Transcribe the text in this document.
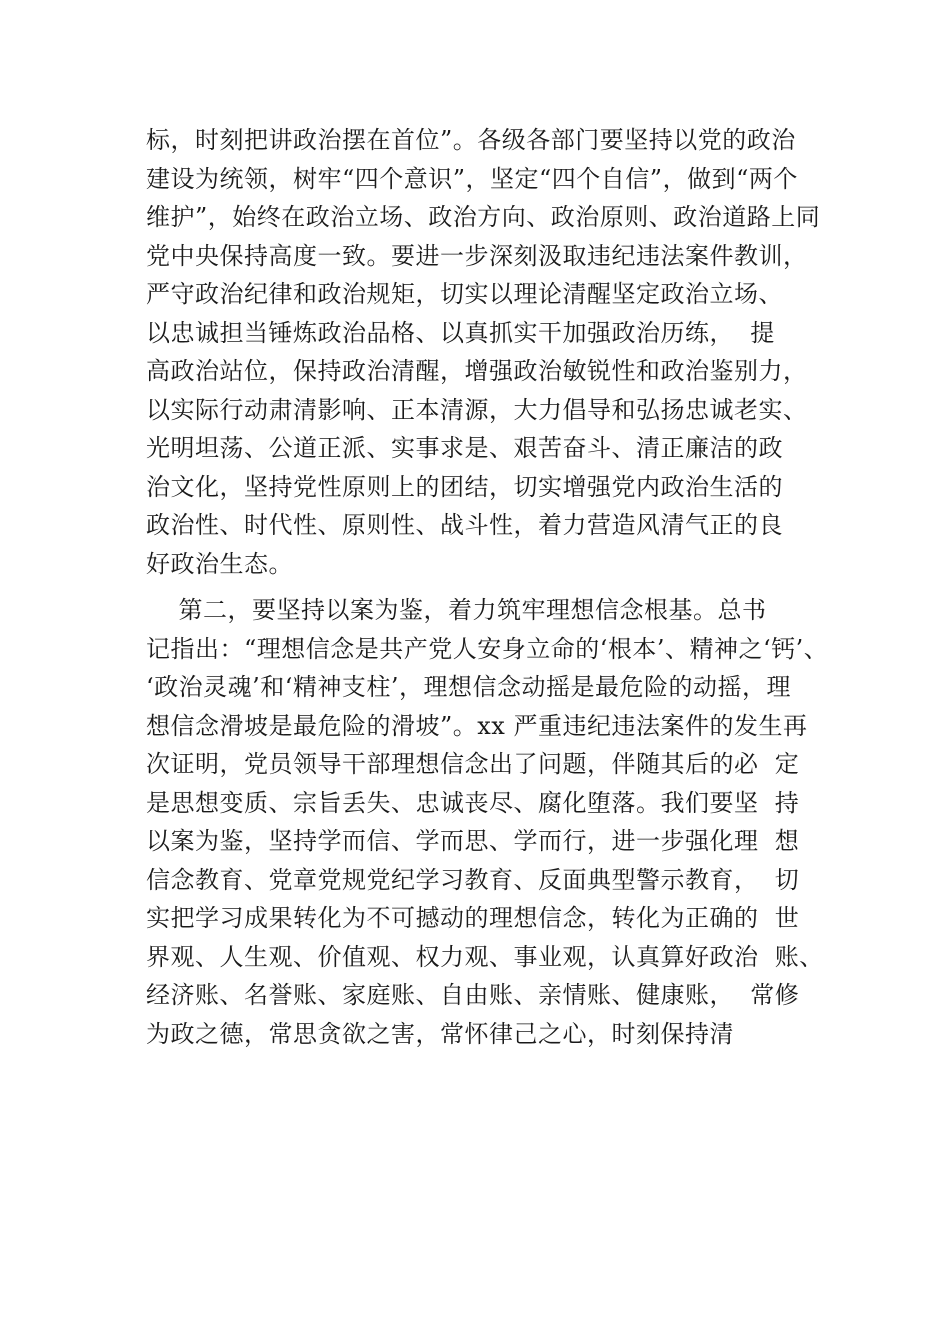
标，时刻把讲政治摆在首位”。各级各部门要坚持以党的政治
建设为统领，树牢“四个意识”，坚定“四个自信”，做到“两个
维护”，始终在政治立场、政治方向、政治原则、政治道路上同
党中央保持高度一致。要进一步深刻汲取违纪违法案件教训，
严守政治纪律和政治规矩，切实以理论清醒坚定政治立场、
以忠诚担当锤炼政治品格、以真抓实干加强政治历练，  提
高政治站位，保持政治清醒，增强政治敏锐性和政治鉴别力，
以实际行动肃清影响、正本清源，大力倡导和弘扬忠诚老实、
光明坦荡、公道正派、实事求是、艰苦奋斗、清正廉洁的政
治文化，坚持党性原则上的团结，切实增强党内政治生活的
政治性、时代性、原则性、战斗性，着力营造风清气正的良
好政治生态。
第二，要坚持以案为鉴，着力筑牢理想信念根基。总书
记指出：“理想信念是共产党人安身立命的‘根本’、精神之‘钙’、
‘政治灵魂’和‘精神支柱’，理想信念动摇是最危险的动摇，理
想信念滑坡是最危险的滑坡”。xx 严重违纪违法案件的发生再
次证明，党员领导干部理想信念出了问题，伴随其后的必  定
是思想变质、宗旨丢失、忠诚丧尽、腐化堕落。我们要坚  持
以案为鉴，坚持学而信、学而思、学而行，进一步强化理  想
信念教育、党章党规党纪学习教育、反面典型警示教育，  切
实把学习成果转化为不可撼动的理想信念，转化为正确的  世
界观、人生观、价值观、权力观、事业观，认真算好政治  账、
经济账、名誉账、家庭账、自由账、亲情账、健康账，  常修
为政之德，常思贪欲之害，常怀律己之心，时刻保持清
